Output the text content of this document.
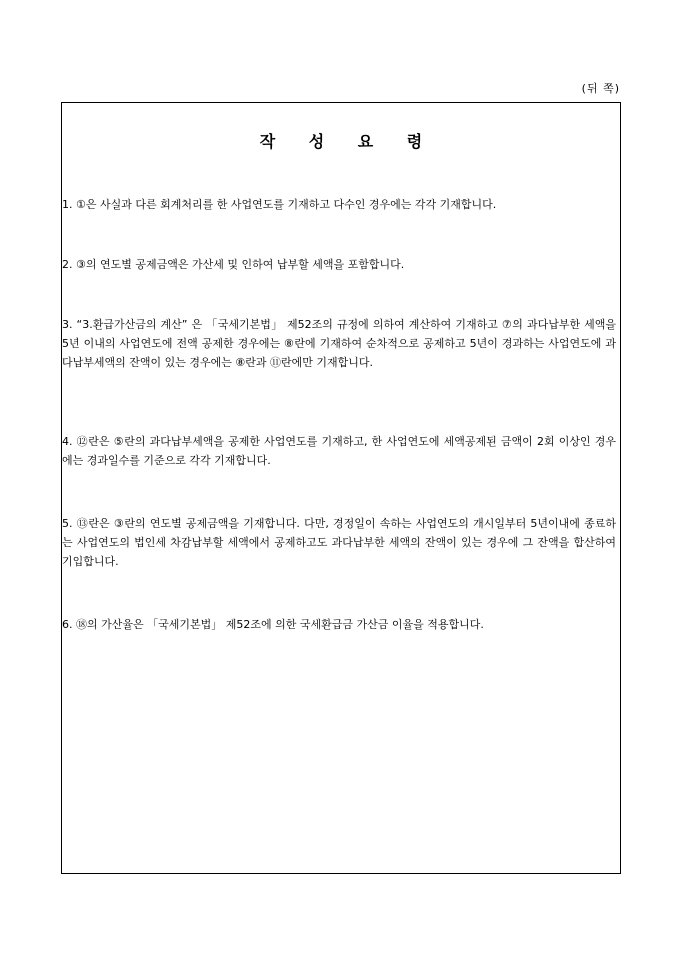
(뒤 쪽)
작 성 요 령
1. ①은 사실과 다른 회계처리를 한 사업연도를 기재하고 다수인 경우에는 각각 기재합니다.
2. ③의 연도별 공제금액은 가산세 및 인하여 납부할 세액을 포함합니다.
3. “3.환급가산금의 계산” 은 「국세기본법」 제52조의 규정에 의하여 계산하여 기재하고 ⑦의 과다납부한 세액을 5년 이내의 사업연도에 전액 공제한 경우에는 ⑧란에 기재하여 순차적으로 공제하고 5년이 경과하는 사업연도에 과다납부세액의 잔액이 있는 경우에는 ⑧란과 ⑪란에만 기재합니다.
4. ⑫란은 ⑤란의 과다납부세액을 공제한 사업연도를 기재하고, 한 사업연도에 세액공제된 금액이 2회 이상인 경우에는 경과일수를 기준으로 각각 기재합니다.
5. ⑬란은 ③란의 연도별 공제금액을 기재합니다. 다만, 경정일이 속하는 사업연도의 개시일부터 5년이내에 종료하는 사업연도의 법인세 차감납부할 세액에서 공제하고도 과다납부한 세액의 잔액이 있는 경우에 그 잔액을 합산하여 기입합니다.
6. ⑱의 가산율은 「국세기본법」 제52조에 의한 국세환급금 가산금 이율을 적용합니다.
